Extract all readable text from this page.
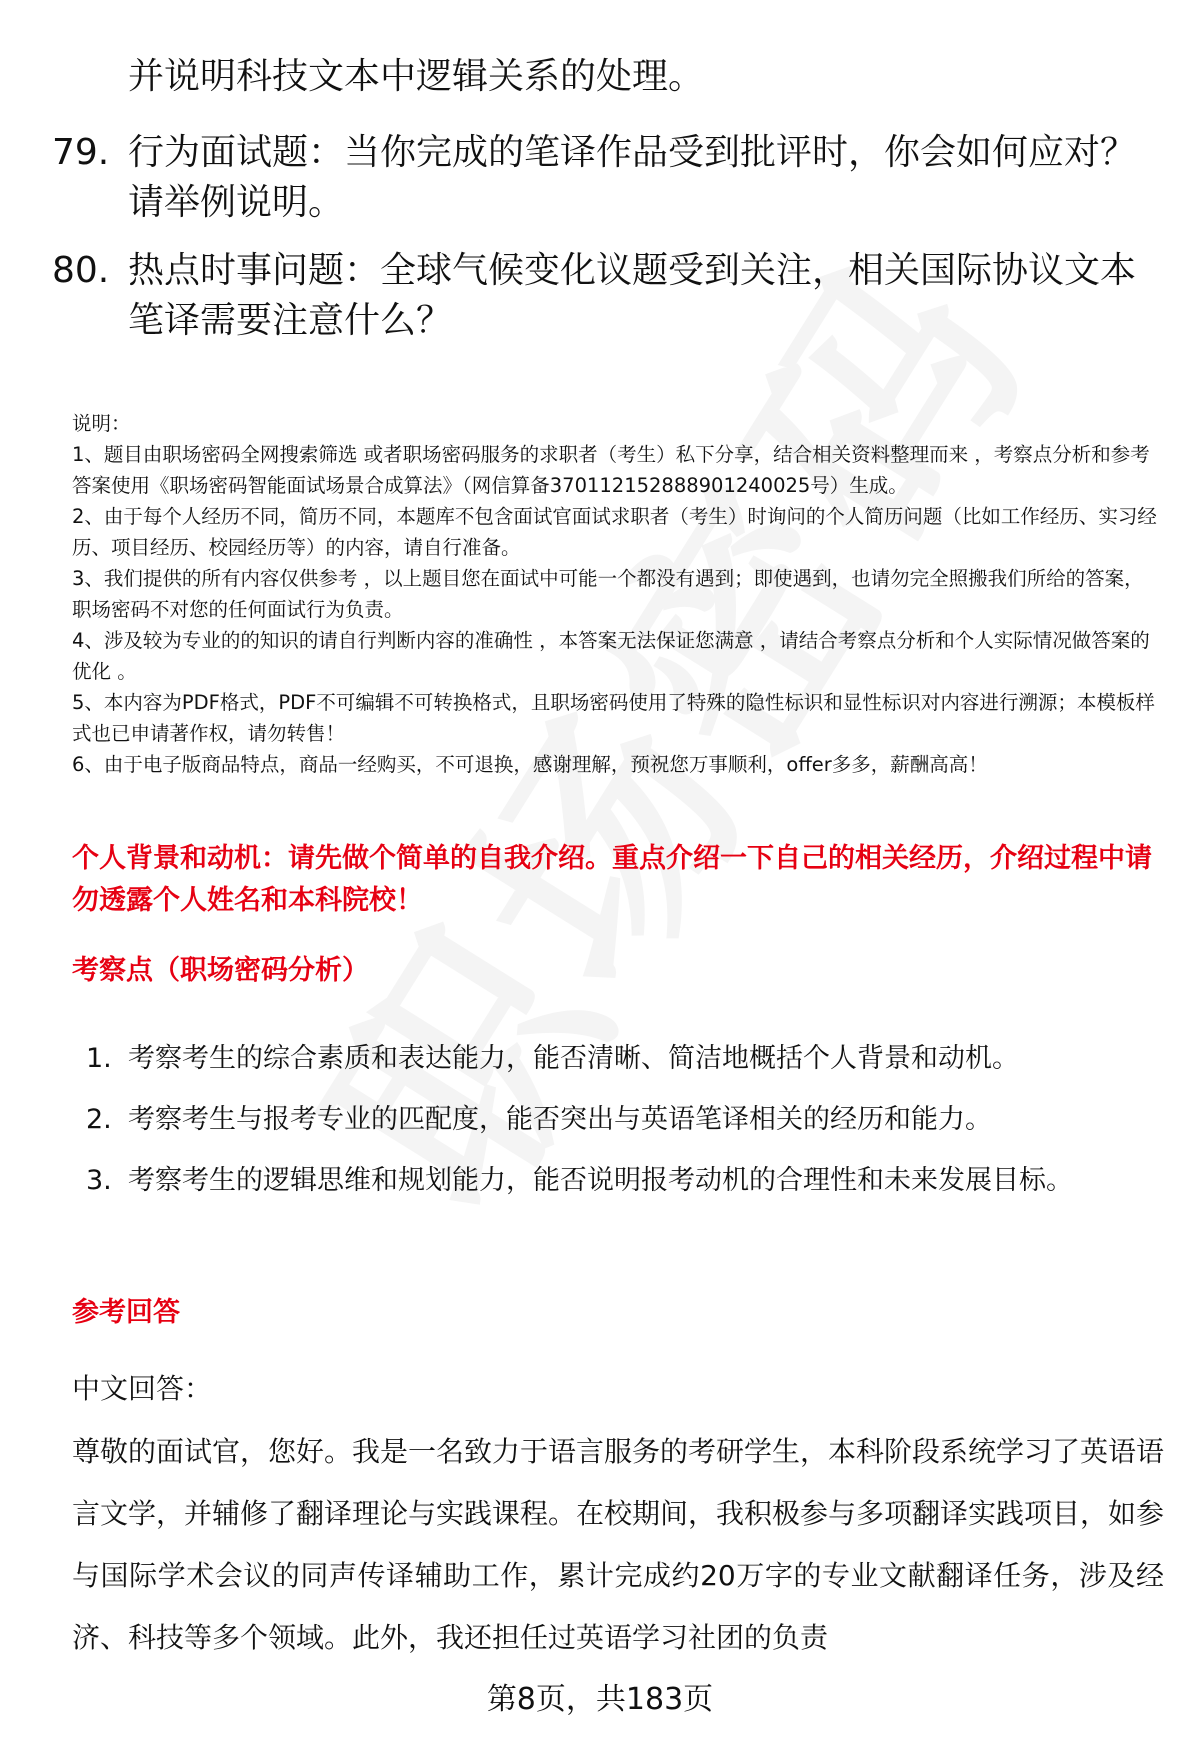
并说明科技文本中逻辑关系的处理。
79. 行为面试题：当你完成的笔译作品受到批评时，你会如何应对？请举例说明。
80. 热点时事问题：全球气候变化议题受到关注，相关国际协议文本笔译需要注意什么？

说明：

1、题目由职场密码全网搜索筛选 或者职场密码服务的求职者（考生）私下分享，结合相关资料整理而来 ，考察点分析和参考答案使用《职场密码智能面试场景合成算法》（网信算备370112152888901240025号）生成。

2、由于每个人经历不同，简历不同，本题库不包含面试官面试求职者（考生）时询问的个人简历问题（比如工作经历、实习经历、项目经历、校园经历等）的内容，请自行准备。

3、我们提供的所有内容仅供参考 ，以上题目您在面试中可能一个都没有遇到；即使遇到，也请勿完全照搬我们所给的答案，职场密码不对您的任何面试行为负责。

4、涉及较为专业的的知识的请自行判断内容的准确性 ，本答案无法保证您满意 ，请结合考察点分析和个人实际情况做答案的优化 。

5、本内容为PDF格式，PDF不可编辑不可转换格式，且职场密码使用了特殊的隐性标识和显性标识对内容进行溯源；本模板样式也已申请著作权，请勿转售！

6、由于电子版商品特点，商品一经购买，不可退换，感谢理解，预祝您万事顺利，offer多多，薪酬高高！

个人背景和动机：请先做个简单的自我介绍。重点介绍一下自己的相关经历，介绍过程中请勿透露个人姓名和本科院校！
考察点（职场密码分析）
1. 考察考生的综合素质和表达能力，能否清晰、简洁地概括个人背景和动机。
2. 考察考生与报考专业的匹配度，能否突出与英语笔译相关的经历和能力。
3. 考察考生的逻辑思维和规划能力，能否说明报考动机的合理性和未来发展目标。
参考回答
中文回答：
尊敬的面试官，您好。我是一名致力于语言服务的考研学生，本科阶段系统学习了英语语言文学，并辅修了翻译理论与实践课程。在校期间，我积极参与多项翻译实践项目，如参与国际学术会议的同声传译辅助工作，累计完成约20万字的专业文献翻译任务，涉及经济、科技等多个领域。此外，我还担任过英语学习社团的负责
第8页，共183页
